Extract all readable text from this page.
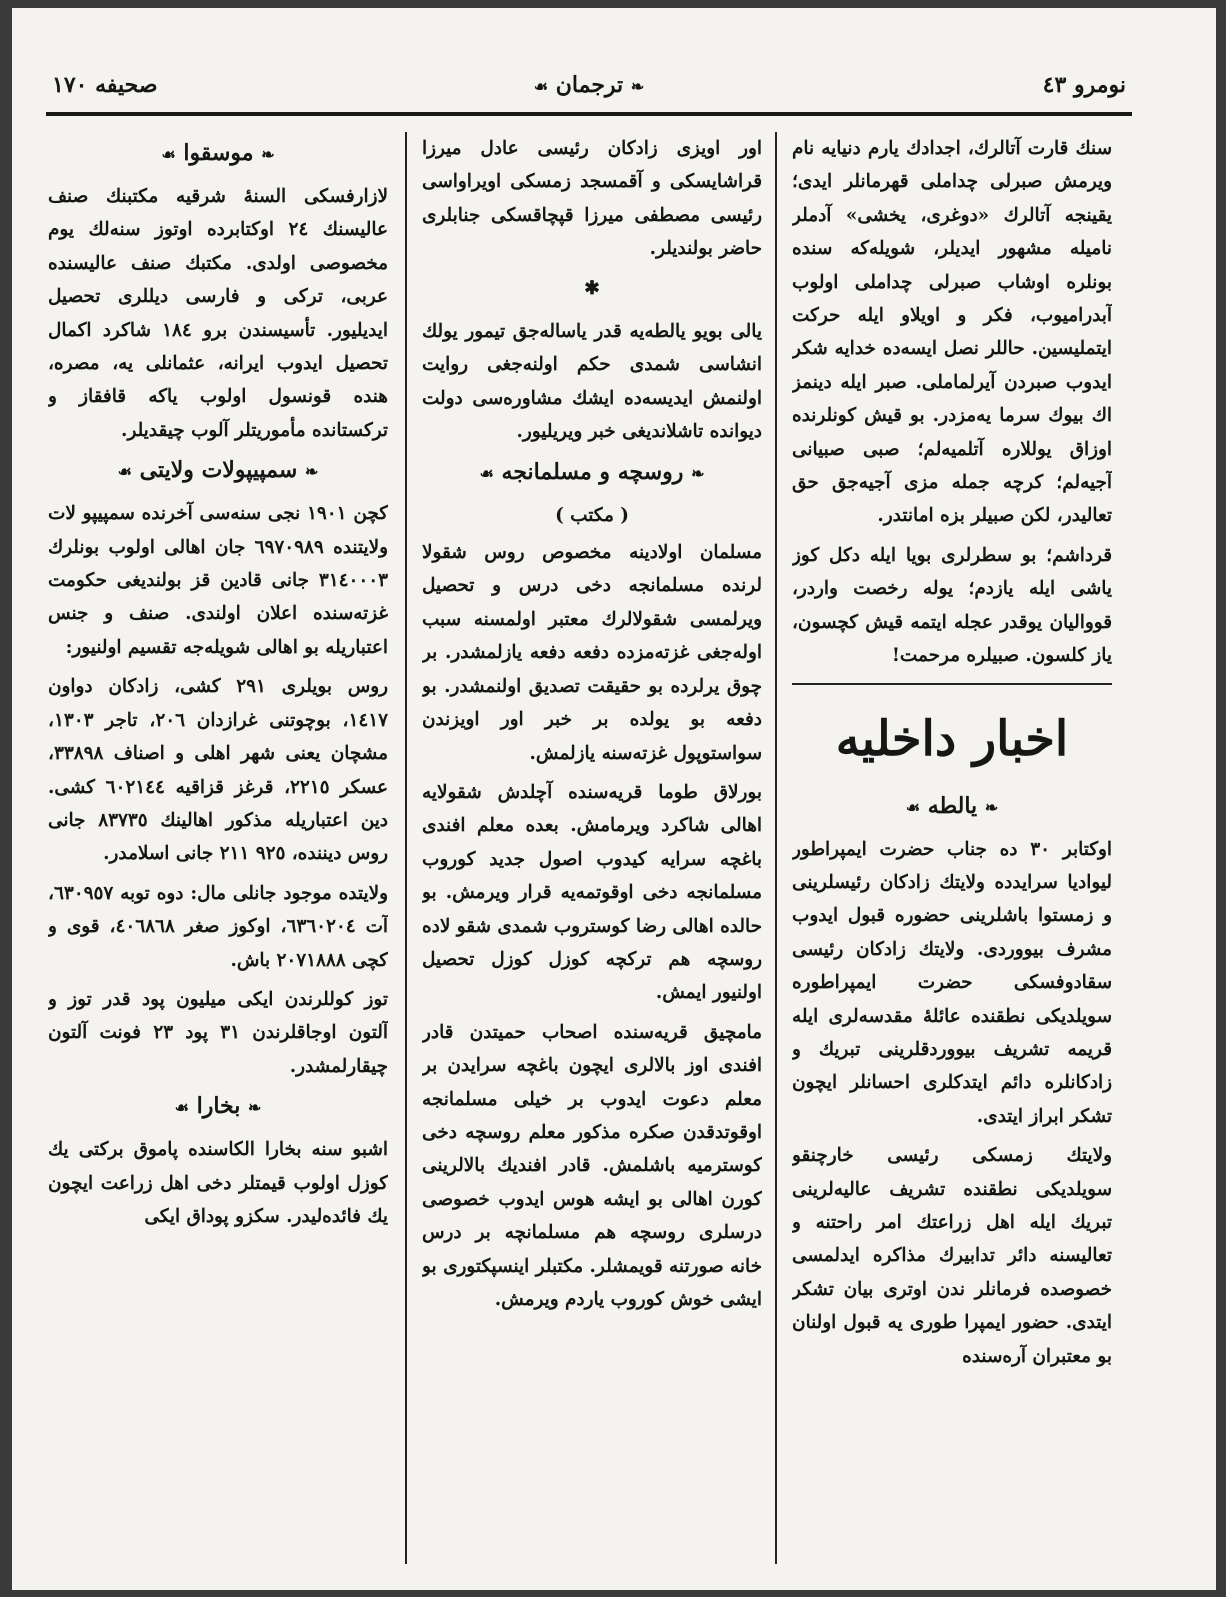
نومرو ٤٣
❧ ترجمان ☙
صحيفه ١٧٠

سنك قارت آتالرك، اجدادك يارم دنيايه نام ويرمش صبرلى چداملى قهرمانلر ايدى؛ يقينجه آتالرك «دوغرى، يخشى» آدملر ناميله مشهور ايديلر، شويله‌كه سنده بونلره اوشاب صبرلى چداملى اولوب آبدراميوب، فكر و اويلاو ايله حركت ايتمليسين. حاللر نصل ايسه‌ده خدايه شكر ايدوب صبردن آيرلماملى. صبر ايله دينمز اك بيوك سرما يه‌مزدر. بو قيش كونلرنده اوزاق يوللاره آتلميه‌لم؛ صبى صبيانى آجيه‌لم؛ كرچه جمله مزى آجيه‌جق حق تعاليدر، لكن صبيلر بزه امانتدر.

قرداشم؛ بو سطرلرى بويا ايله دكل كوز ياشى ايله يازدم؛ يوله رخصت وار‌در، قوواليان يوقدر عجله ايتمه قيش كچسون، ياز كلسون. صبيلره مرحمت!

اخبار داخليه
❧ يالطه ☙

اوكتابر ٣٠ ده جناب حضرت ايمپراطور ليواديا سرايدده ولايتك زادكان رئيسلرينى و زمستوا باشلرينى حضوره قبول ايدوب مشرف بيووردى. ولايتك زادكان رئيسى سقادوفسكى حضرت ايمپراطوره سويلديكى نطقنده عائلهٔ مقدسه‌لرى ايله قريمه تشريف بيووردقلرينى تبريك و زادكانلره دائم ايتدكلرى احسانلر ايچون تشكر ابراز ايتدى.

ولايتك زمسكى رئيسى خارچنقو سويلديكى نطقنده تشريف عاليه‌لرينى تبريك ايله اهل زراعتك امر راحتنه و تعاليسنه دائر تدابيرك مذاكره ايدلمسى خصوصده فرمانلر ندن اوترى بيان تشكر ايتدى. حضور ايمپرا طورى يه قبول اولنان بو معتبران آره‌سنده

اور اويزى زادكان رئيسى عادل ميرزا قراشايسكى و آقمسجد زمسكى اويراواسى رئيسى مصطفى ميرزا قپچاقسكى جنابلرى حاضر بولنديلر.

✱

يالى بويو يالطه‌يه قدر ياساله‌جق تيمور يولك انشاسى شمدى حكم اولنه‌جغى روايت اولنمش ايديسه‌ده ايشك مشاوره‌سى دولت ديوانده تاشلانديغى خبر ويريليور.

❧ روسچه و مسلمانجه ☙
( مكتب )

مسلمان اولادينه مخصوص روس شقولا لرنده مسلمانجه دخى درس و تحصيل ويرلمسى شقولالرك معتبر اولمسنه سبب اوله‌جغى غزته‌مزده دفعه دفعه يازلمشدر. بر چوق يرلرده بو حقيقت تصديق اولنمشدر. بو دفعه بو يولده بر خبر اور اويزندن سواستوپول غزته‌سنه يازلمش.

بورلاق طوما قريه‌سنده آچلدش شقولايه اهالى شاكرد ويرمامش. بعده معلم افندى باغچه سرايه كيدوب اصول جديد كوروب مسلمانجه دخى اوقوتمه‌يه قرار ويرمش. بو حالده اهالى رضا كوستروب شمدى شقو لاده روسچه هم تركچه كوزل كوزل تحصيل اولنيور ايمش.

مامچيق قريه‌سنده اصحاب حميتدن قادر افندى اوز بالالرى ايچون باغچه سرايدن بر معلم دعوت ايدوب بر خيلى مسلمانجه اوقوتدقدن صكره مذكور معلم روسچه دخى كوسترميه باشلمش. قادر افنديك بالالرينى كورن اهالى بو ايشه هوس ايدوب خصوصى درسلرى روسچه هم مسلمانچه بر درس خانه صورتنه قويمشلر. مكتبلر اينسپكتورى بو ايشى خوش كوروب ياردم ويرمش.

❧ موسقوا ☙

لازارفسكى السنهٔ شرقيه مكتبنك صنف عاليسنك ٢٤ اوكتابرده اوتوز سنه‌لك يوم مخصوصى اولدى. مكتبك صنف عاليسنده عربى، تركى و فارسى ديللرى تحصيل ايديليور. تأسيسندن برو ١٨٤ شاكرد اكمال تحصيل ايدوب ايرانه، عثمانلى يه، مصره، هنده قونسول اولوب ياكه قافقاز و تركستانده مأموريتلر آلوب چيقديلر.

❧ سمپيپولات ولايتى ☙

كچن ١٩٠١ نجى سنه‌سى آخرنده سمپيپو لات ولايتنده ٦٩٧٠٩٨٩ جان اهالى اولوب بونلرك ٣١٤٠٠٠٣ جانى قادين قز بولنديغى حكومت غزته‌سنده اعلان اولندى. صنف و جنس اعتباريله بو اهالى شويله‌جه تقسيم اولنيور:

روس بويلرى ٢٩١ كشى، زادكان دواون ١٤١٧، بوچوتنى غرازدان ٢٠٦، تاجر ١٣٠٣، مشچان يعنى شهر اهلى و اصناف ٣٣٨٩٨، عسكر ٢٢١٥، قرغز قزاقيه ٦٠٢١٤٤ كشى. دين اعتباريله مذكور اهالينك ٨٣٧٣٥ جانى روس ديننده، ٩٢٥ ٢١١ جانى اسلامدر.

ولايتده موجود جانلى مال: دوه‌ توبه ٦٣٠٩٥٧، آت ٦٣٦٠٢٠٤، اوكوز صغر ٤٠٦٨٦٨، قوى و كچى ٢٠٧١٨٨٨ باش.

توز كوللرندن ايكى ميليون پود قدر توز و آلتون اوجاقلرندن ٣١ پود ٢٣ فونت آلتون چيقارلمشدر.

❧ بخارا ☙

اشبو سنه بخارا الكاسنده پاموق بركتى يك كوزل اولوب قيمتلر دخى اهل زراعت ايچون يك فائده‌ليدر. سكزو پوداق ايكى
